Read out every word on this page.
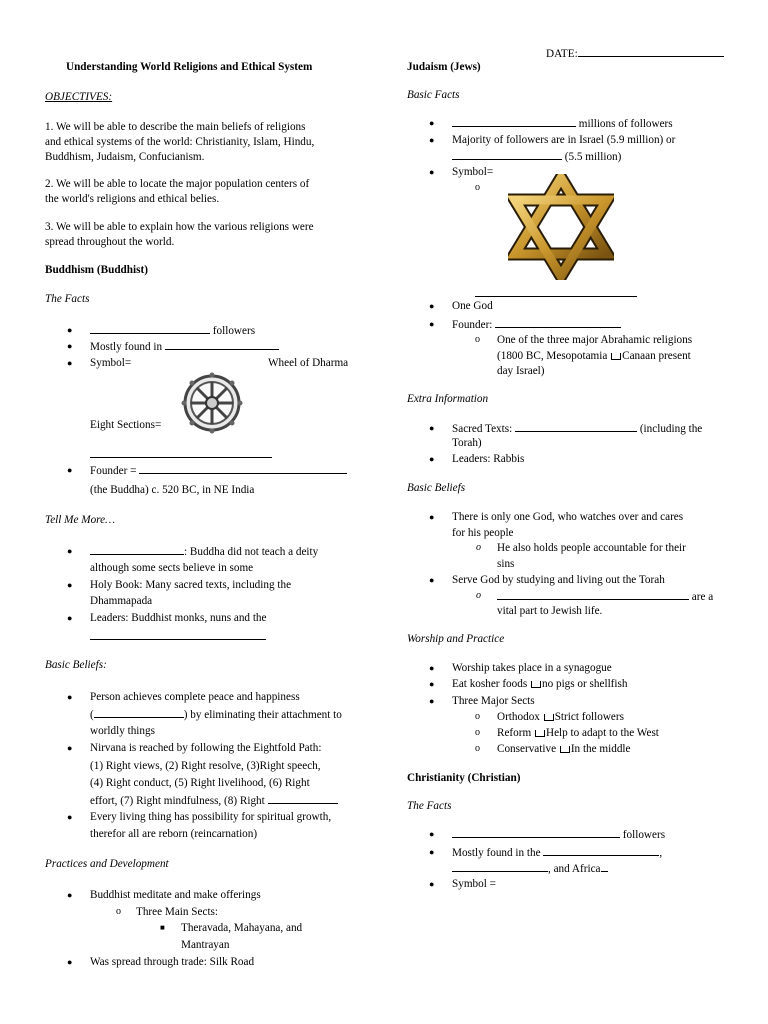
DATE:
Understanding World Religions and Ethical System
OBJECTIVES:
1. We will be able to describe the main beliefs of religions
and ethical systems of the world: Christianity, Islam, Hindu,
Buddhism, Judaism, Confucianism.
2. We will be able to locate the major population centers of
the world's religions and ethical belies.
3. We will be able to explain how the various religions were
spread throughout the world.
Buddhism (Buddhist)
The Facts
●	followers
● Mostly found in
● Symbol=	Wheel of Dharma
Eight Sections=
● Founder =
(the Buddha) c. 520 BC, in NE India
Tell Me More…
●	: Buddha did not teach a deity
although some sects believe in some
● Holy Book: Many sacred texts, including the
Dhammapada
● Leaders: Buddhist monks, nuns and the
Basic Beliefs:
● Person achieves complete peace and happiness
(	) by eliminating their attachment to
worldly things
● Nirvana is reached by following the Eightfold Path:
(1) Right views, (2) Right resolve, (3)Right speech,
(4) Right conduct, (5) Right livelihood, (6) Right
effort, (7) Right mindfulness, (8) Right
● Every living thing has possibility for spiritual growth,
therefor all are reborn (reincarnation)
Practices and Development
● Buddhist meditate and make offerings
o Three Main Sects:
■ Theravada, Mahayana, and
Mantrayan
● Was spread through trade: Silk Road
Judaism (Jews)
Basic Facts
●	millions of followers
● Majority of followers are in Israel (5.9 million) or
(5.5 million)
● Symbol=
o
● One God
● Founder:
o One of the three major Abrahamic religions
(1800 BC, Mesopotamia Canaan present
day Israel)
Extra Information
● Sacred Texts:	(including the
Torah)
● Leaders: Rabbis
Basic Beliefs
● There is only one God, who watches over and cares
for his people
o He also holds people accountable for their
sins
● Serve God by studying and living out the Torah
o	are a
vital part to Jewish life.
Worship and Practice
● Worship takes place in a synagogue
● Eat kosher foods no pigs or shellfish
● Three Major Sects
o Orthodox Strict followers
o Reform Help to adapt to the West
o Conservative In the middle
Christianity (Christian)
The Facts
●	followers
● Mostly found in the	,
, and Africa
● Symbol =
